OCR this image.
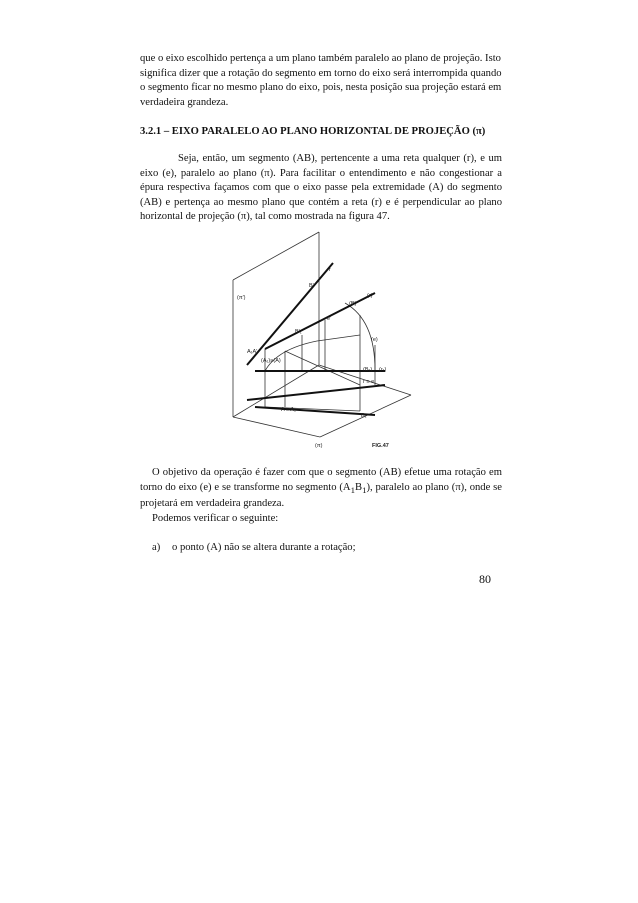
que o eixo escolhido pertença a um plano também paralelo ao plano de projeção. Isto significa dizer que a rotação do segmento em torno do eixo será interrompida quando o segmento ficar no mesmo plano do eixo, pois, nesta posição sua projeção estará em verdadeira grandeza.

3.2.1 – EIXO PARALELO AO PLANO HORIZONTAL DE PROJEÇÃO (π)

Seja, então, um segmento (AB), pertencente a uma reta qualquer (r), e um eixo (e), paralelo ao plano (π). Para facilitar o entendimento e não congestionar a épura respectiva façamos com que o eixo passe pela extremidade (A) do segmento (AB) e pertença ao mesmo plano que contém a reta (r) e é perpendicular ao plano horizontal de projeção (π), tal como mostrada na figura 47.

(π')
(π)
r
B'
(B)
(r)
B'₁
e'
(e)
A₁A'
(A₁)≡(A)
(B₁) (r₁)
r ≡ e
A ≡ A₁
B₁
FIG.47

O objetivo da operação é fazer com que o segmento (AB) efetue uma rotação em torno do eixo (e) e se transforme no segmento $(A_1B_1)$, paralelo ao plano (π), onde se projetará em verdadeira grandeza.
Podemos verificar o seguinte:

a) o ponto (A) não se altera durante a rotação;

80
